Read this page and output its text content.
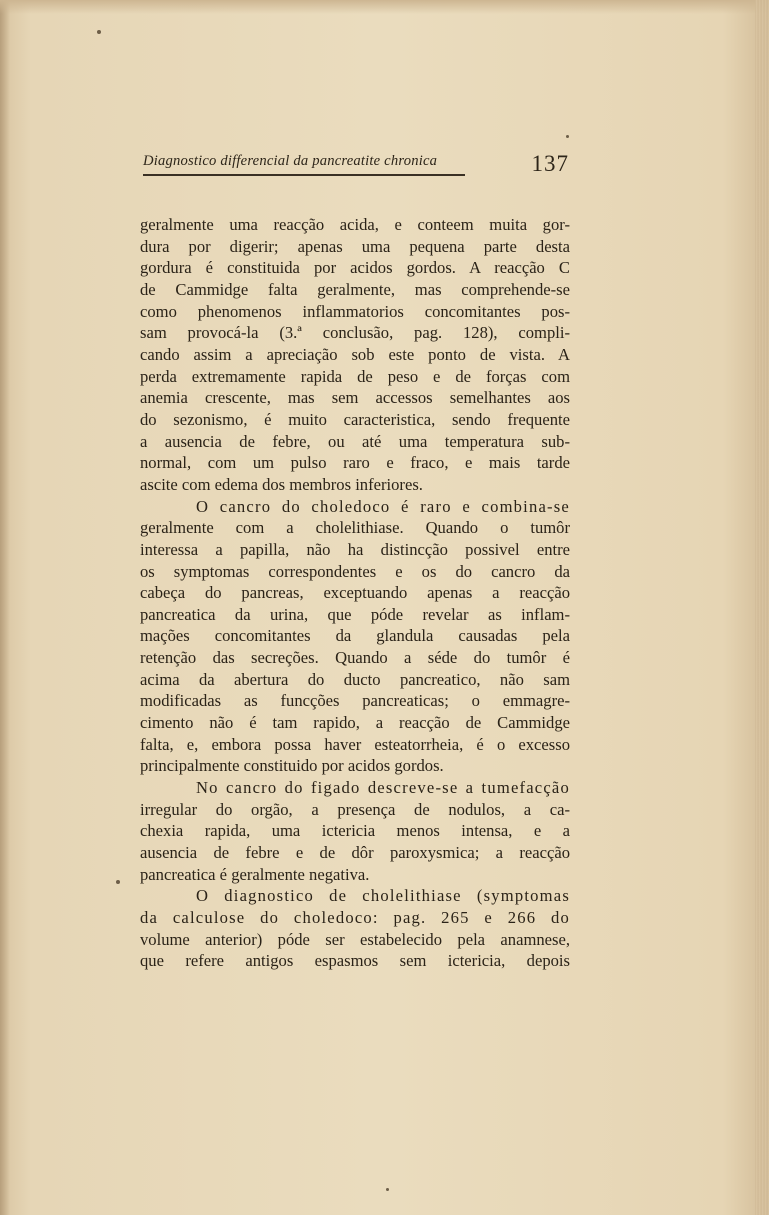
Diagnostico differencial da pancreatite chronica	137

geralmente uma reacção acida, e conteem muita gor-

dura por digerir; apenas uma pequena parte desta

gordura é constituida por acidos gordos. A reacção C

de Cammidge falta geralmente, mas comprehende-se

como phenomenos inflammatorios concomitantes pos-

sam provocá-la (3.ª conclusão, pag. 128), compli-

cando assim a apreciação sob este ponto de vista. A

perda extremamente rapida de peso e de forças com

anemia crescente, mas sem accessos semelhantes aos

do sezonismo, é muito caracteristica, sendo frequente

a ausencia de febre, ou até uma temperatura sub-

normal, com um pulso raro e fraco, e mais tarde

ascite com edema dos membros inferiores.

O cancro do choledoco é raro e combina-se

geralmente com a cholelithiase. Quando o tumôr

interessa a papilla, não ha distincção possivel entre

os symptomas correspondentes e os do cancro da

cabeça do pancreas, exceptuando apenas a reacção

pancreatica da urina, que póde revelar as inflam-

mações concomitantes da glandula causadas pela

retenção das secreções. Quando a séde do tumôr é

acima da abertura do ducto pancreatico, não sam

modificadas as funcções pancreaticas; o emmagre-

cimento não é tam rapido, a reacção de Cammidge

falta, e, embora possa haver esteatorrheia, é o excesso

principalmente constituido por acidos gordos.

No cancro do figado descreve-se a tumefacção

irregular do orgão, a presença de nodulos, a ca-

chexia rapida, uma ictericia menos intensa, e a

ausencia de febre e de dôr paroxysmica; a reacção

pancreatica é geralmente negativa.

O diagnostico de cholelithiase (symptomas

da calculose do choledoco: pag. 265 e 266 do

volume anterior) póde ser estabelecido pela anamnese,

que refere antigos espasmos sem ictericia, depois
